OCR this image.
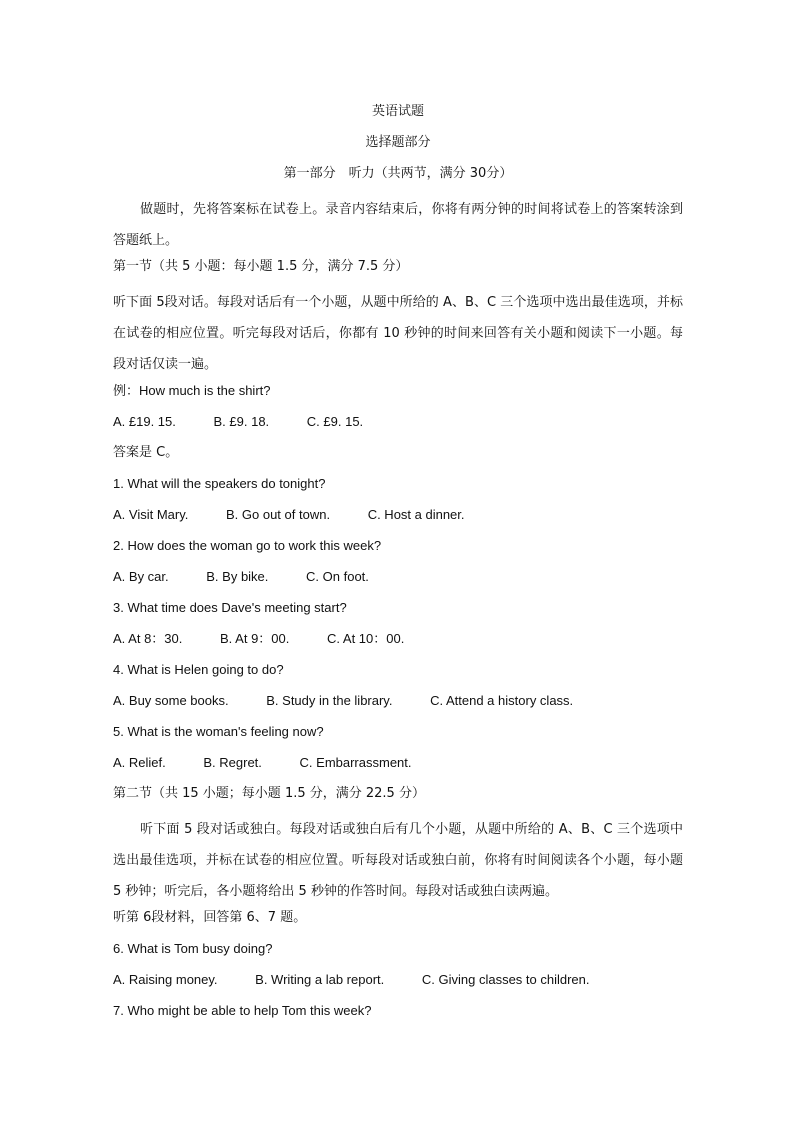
英语试题
选择题部分
第一部分　听力（共两节，满分 30分）
做题时，先将答案标在试卷上。录音内容结束后，你将有两分钟的时间将试卷上的答案转涂到答题纸上。
第一节（共 5 小题：每小题 1.5 分，满分 7.5 分）
听下面 5段对话。每段对话后有一个小题，从题中所给的 A、B、C 三个选项中选出最佳选项，并标在试卷的相应位置。听完每段对话后，你都有 10 秒钟的时间来回答有关小题和阅读下一小题。每段对话仅读一遍。
例：How much is the shirt?
A. £19. 15.	B. £9. 18.	C. £9. 15.
答案是 C。
1. What will the speakers do tonight?
A. Visit Mary.	B. Go out of town.	C. Host a dinner.
2. How does the woman go to work this week?
A. By car.	B. By bike.	C. On foot.
3. What time does Dave's meeting start?
A. At 8：30.	B. At 9：00.	C. At 10：00.
4. What is Helen going to do?
A. Buy some books.	B. Study in the library.	C. Attend a history class.
5. What is the woman's feeling now?
A. Relief.	B. Regret.	C. Embarrassment.
第二节（共 15 小题；每小题 1.5 分，满分 22.5 分）
听下面 5 段对话或独白。每段对话或独白后有几个小题，从题中所给的 A、B、C 三个选项中选出最佳选项，并标在试卷的相应位置。听每段对话或独白前，你将有时间阅读各个小题，每小题 5 秒钟；听完后，各小题将给出 5 秒钟的作答时间。每段对话或独白读两遍。
听第 6段材料，回答第 6、7 题。
6. What is Tom busy doing?
A. Raising money.	B. Writing a lab report.	C. Giving classes to children.
7. Who might be able to help Tom this week?
